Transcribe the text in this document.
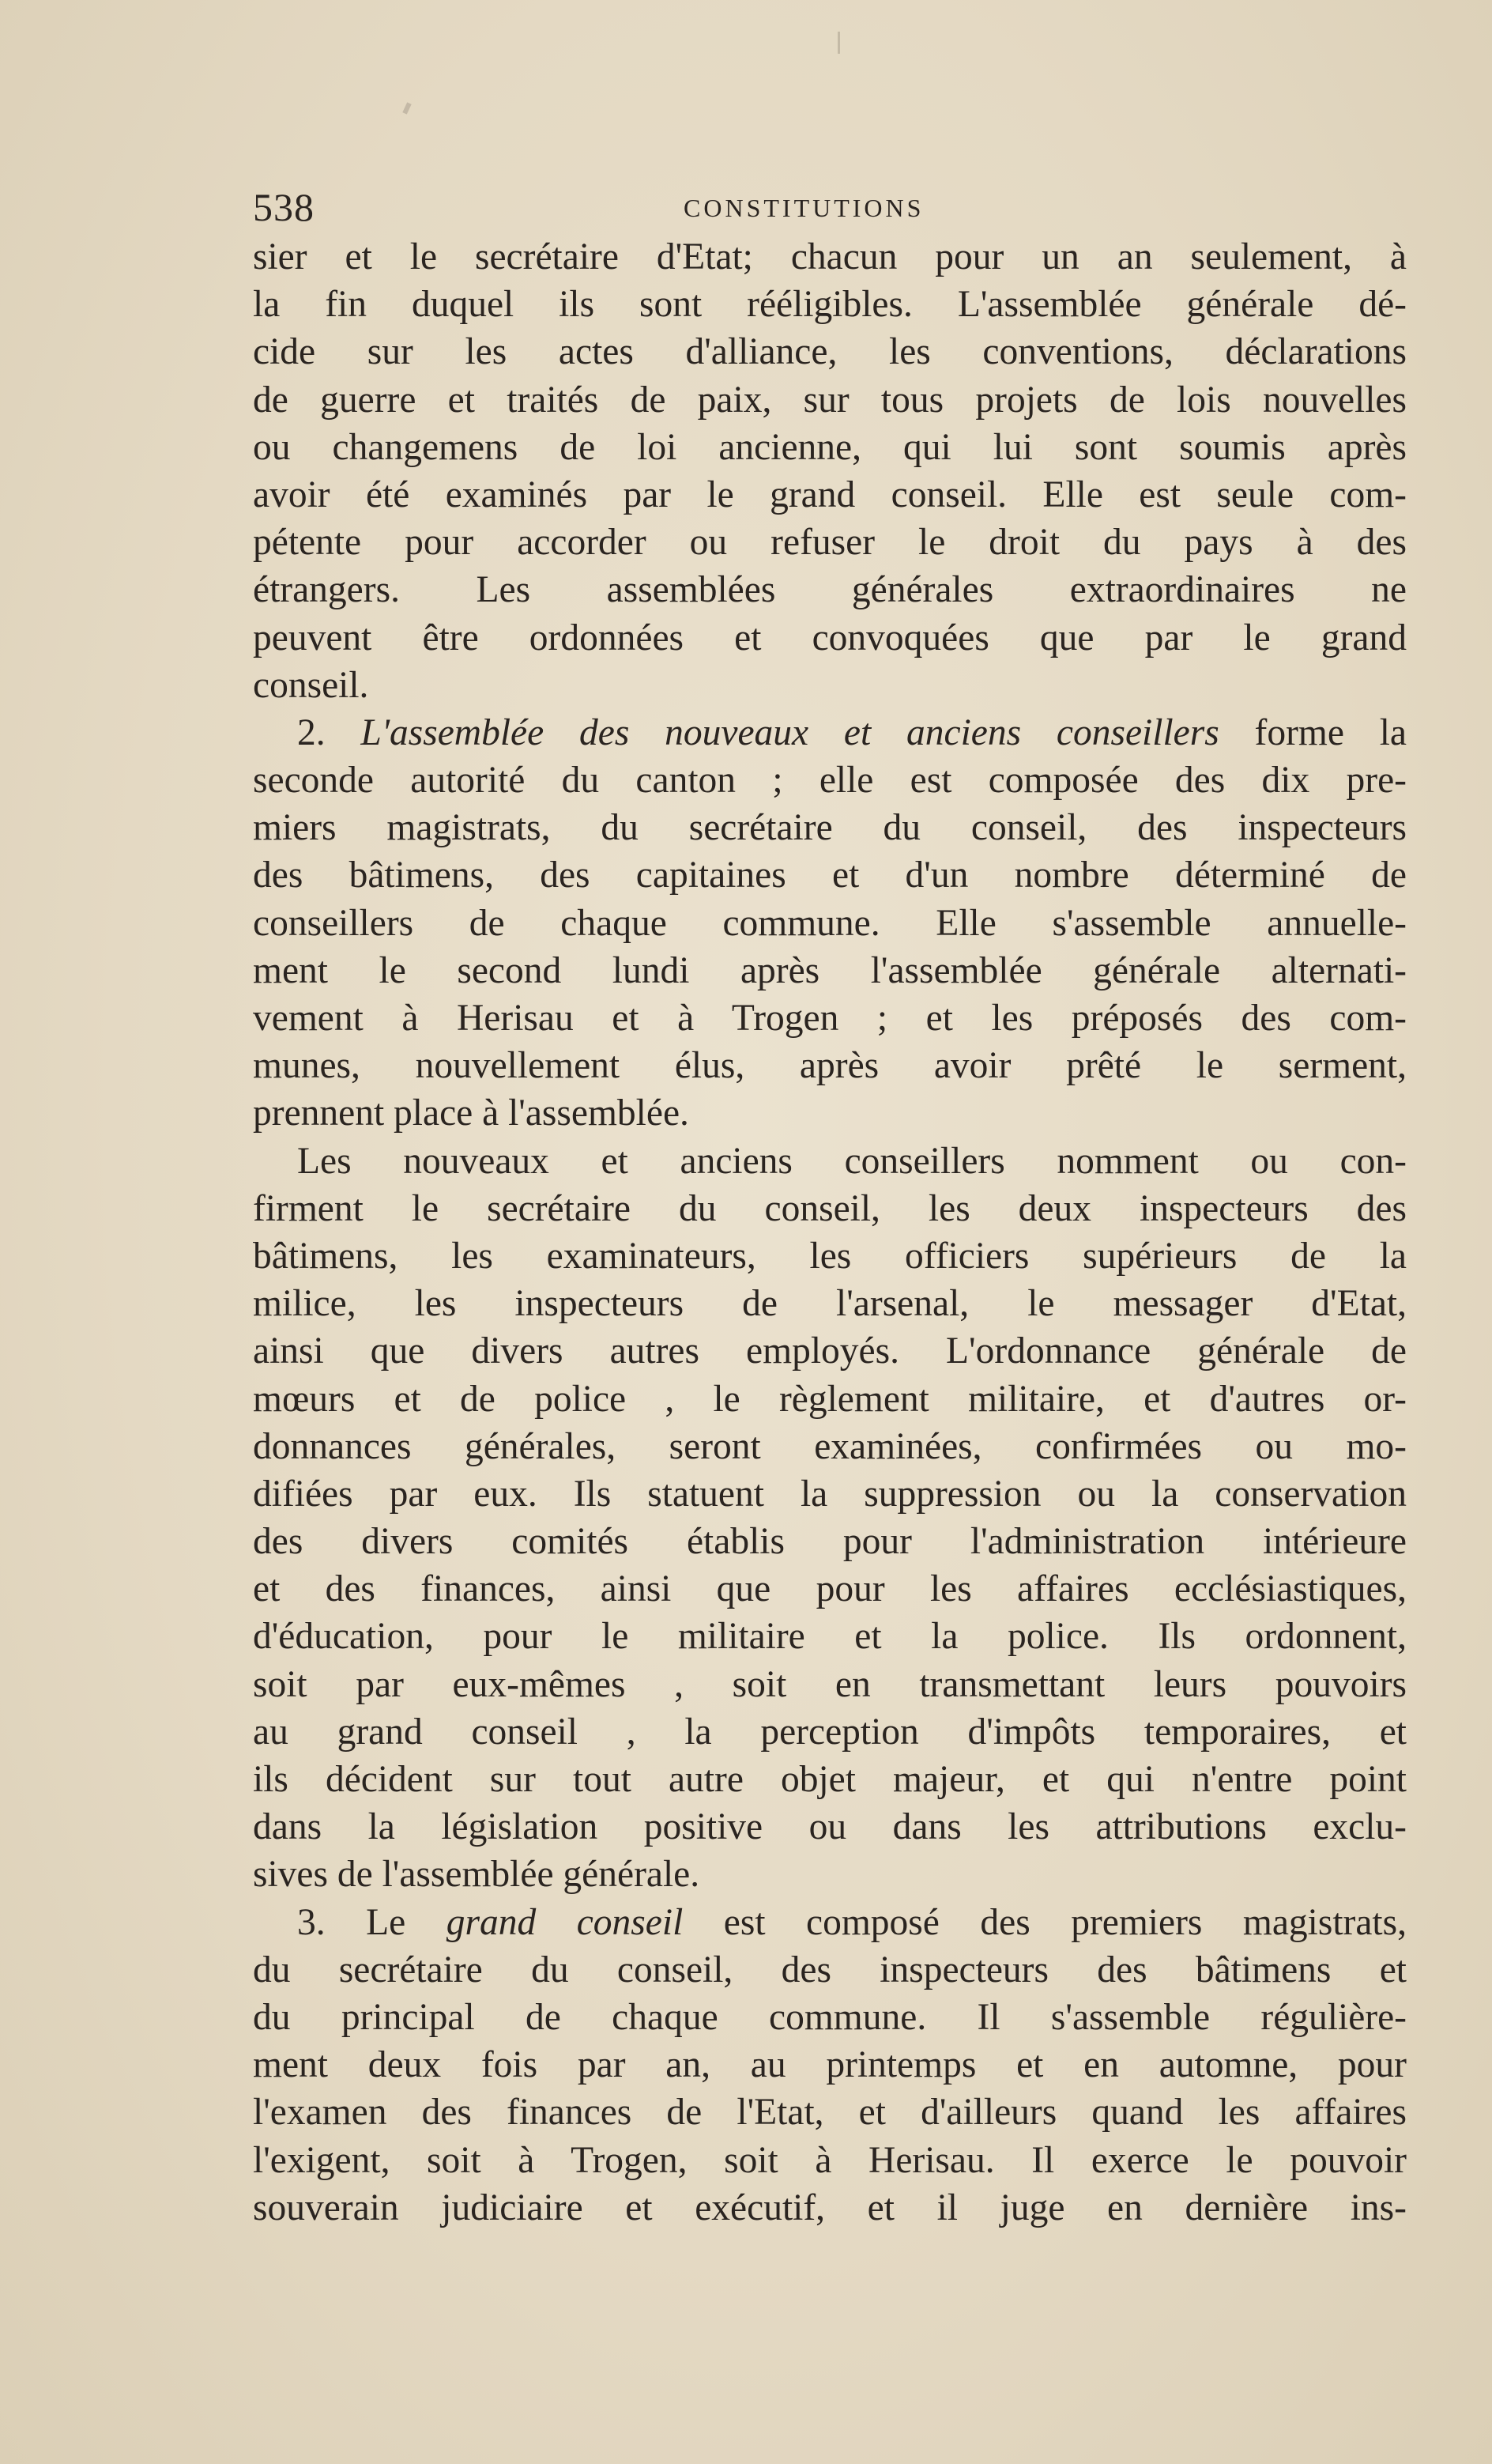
538	CONSTITUTIONS
sier et le secrétaire d'Etat; chacun pour un an seulement, à
la fin duquel ils sont rééligibles. L'assemblée générale dé-
cide sur les actes d'alliance, les conventions, déclarations
de guerre et traités de paix, sur tous projets de lois nouvelles
ou changemens de loi ancienne, qui lui sont soumis après
avoir été examinés par le grand conseil. Elle est seule com-
pétente pour accorder ou refuser le droit du pays à des
étrangers. Les assemblées générales extraordinaires ne
peuvent être ordonnées et convoquées que par le grand
conseil.
2. L'assemblée des nouveaux et anciens conseillers forme la
seconde autorité du canton ; elle est composée des dix pre-
miers magistrats, du secrétaire du conseil, des inspecteurs
des bâtimens, des capitaines et d'un nombre déterminé de
conseillers de chaque commune. Elle s'assemble annuelle-
ment le second lundi après l'assemblée générale alternati-
vement à Herisau et à Trogen ; et les préposés des com-
munes, nouvellement élus, après avoir prêté le serment,
prennent place à l'assemblée.
Les nouveaux et anciens conseillers nomment ou con-
firment le secrétaire du conseil, les deux inspecteurs des
bâtimens, les examinateurs, les officiers supérieurs de la
milice, les inspecteurs de l'arsenal, le messager d'Etat,
ainsi que divers autres employés. L'ordonnance générale de
mœurs et de police , le règlement militaire, et d'autres or-
donnances générales, seront examinées, confirmées ou mo-
difiées par eux. Ils statuent la suppression ou la conservation
des divers comités établis pour l'administration intérieure
et des finances, ainsi que pour les affaires ecclésiastiques,
d'éducation, pour le militaire et la police. Ils ordonnent,
soit par eux-mêmes , soit en transmettant leurs pouvoirs
au grand conseil , la perception d'impôts temporaires, et
ils décident sur tout autre objet majeur, et qui n'entre point
dans la législation positive ou dans les attributions exclu-
sives de l'assemblée générale.
3. Le grand conseil est composé des premiers magistrats,
du secrétaire du conseil, des inspecteurs des bâtimens et
du principal de chaque commune. Il s'assemble régulière-
ment deux fois par an, au printemps et en automne, pour
l'examen des finances de l'Etat, et d'ailleurs quand les affaires
l'exigent, soit à Trogen, soit à Herisau. Il exerce le pouvoir
souverain judiciaire et exécutif, et il juge en dernière ins-
